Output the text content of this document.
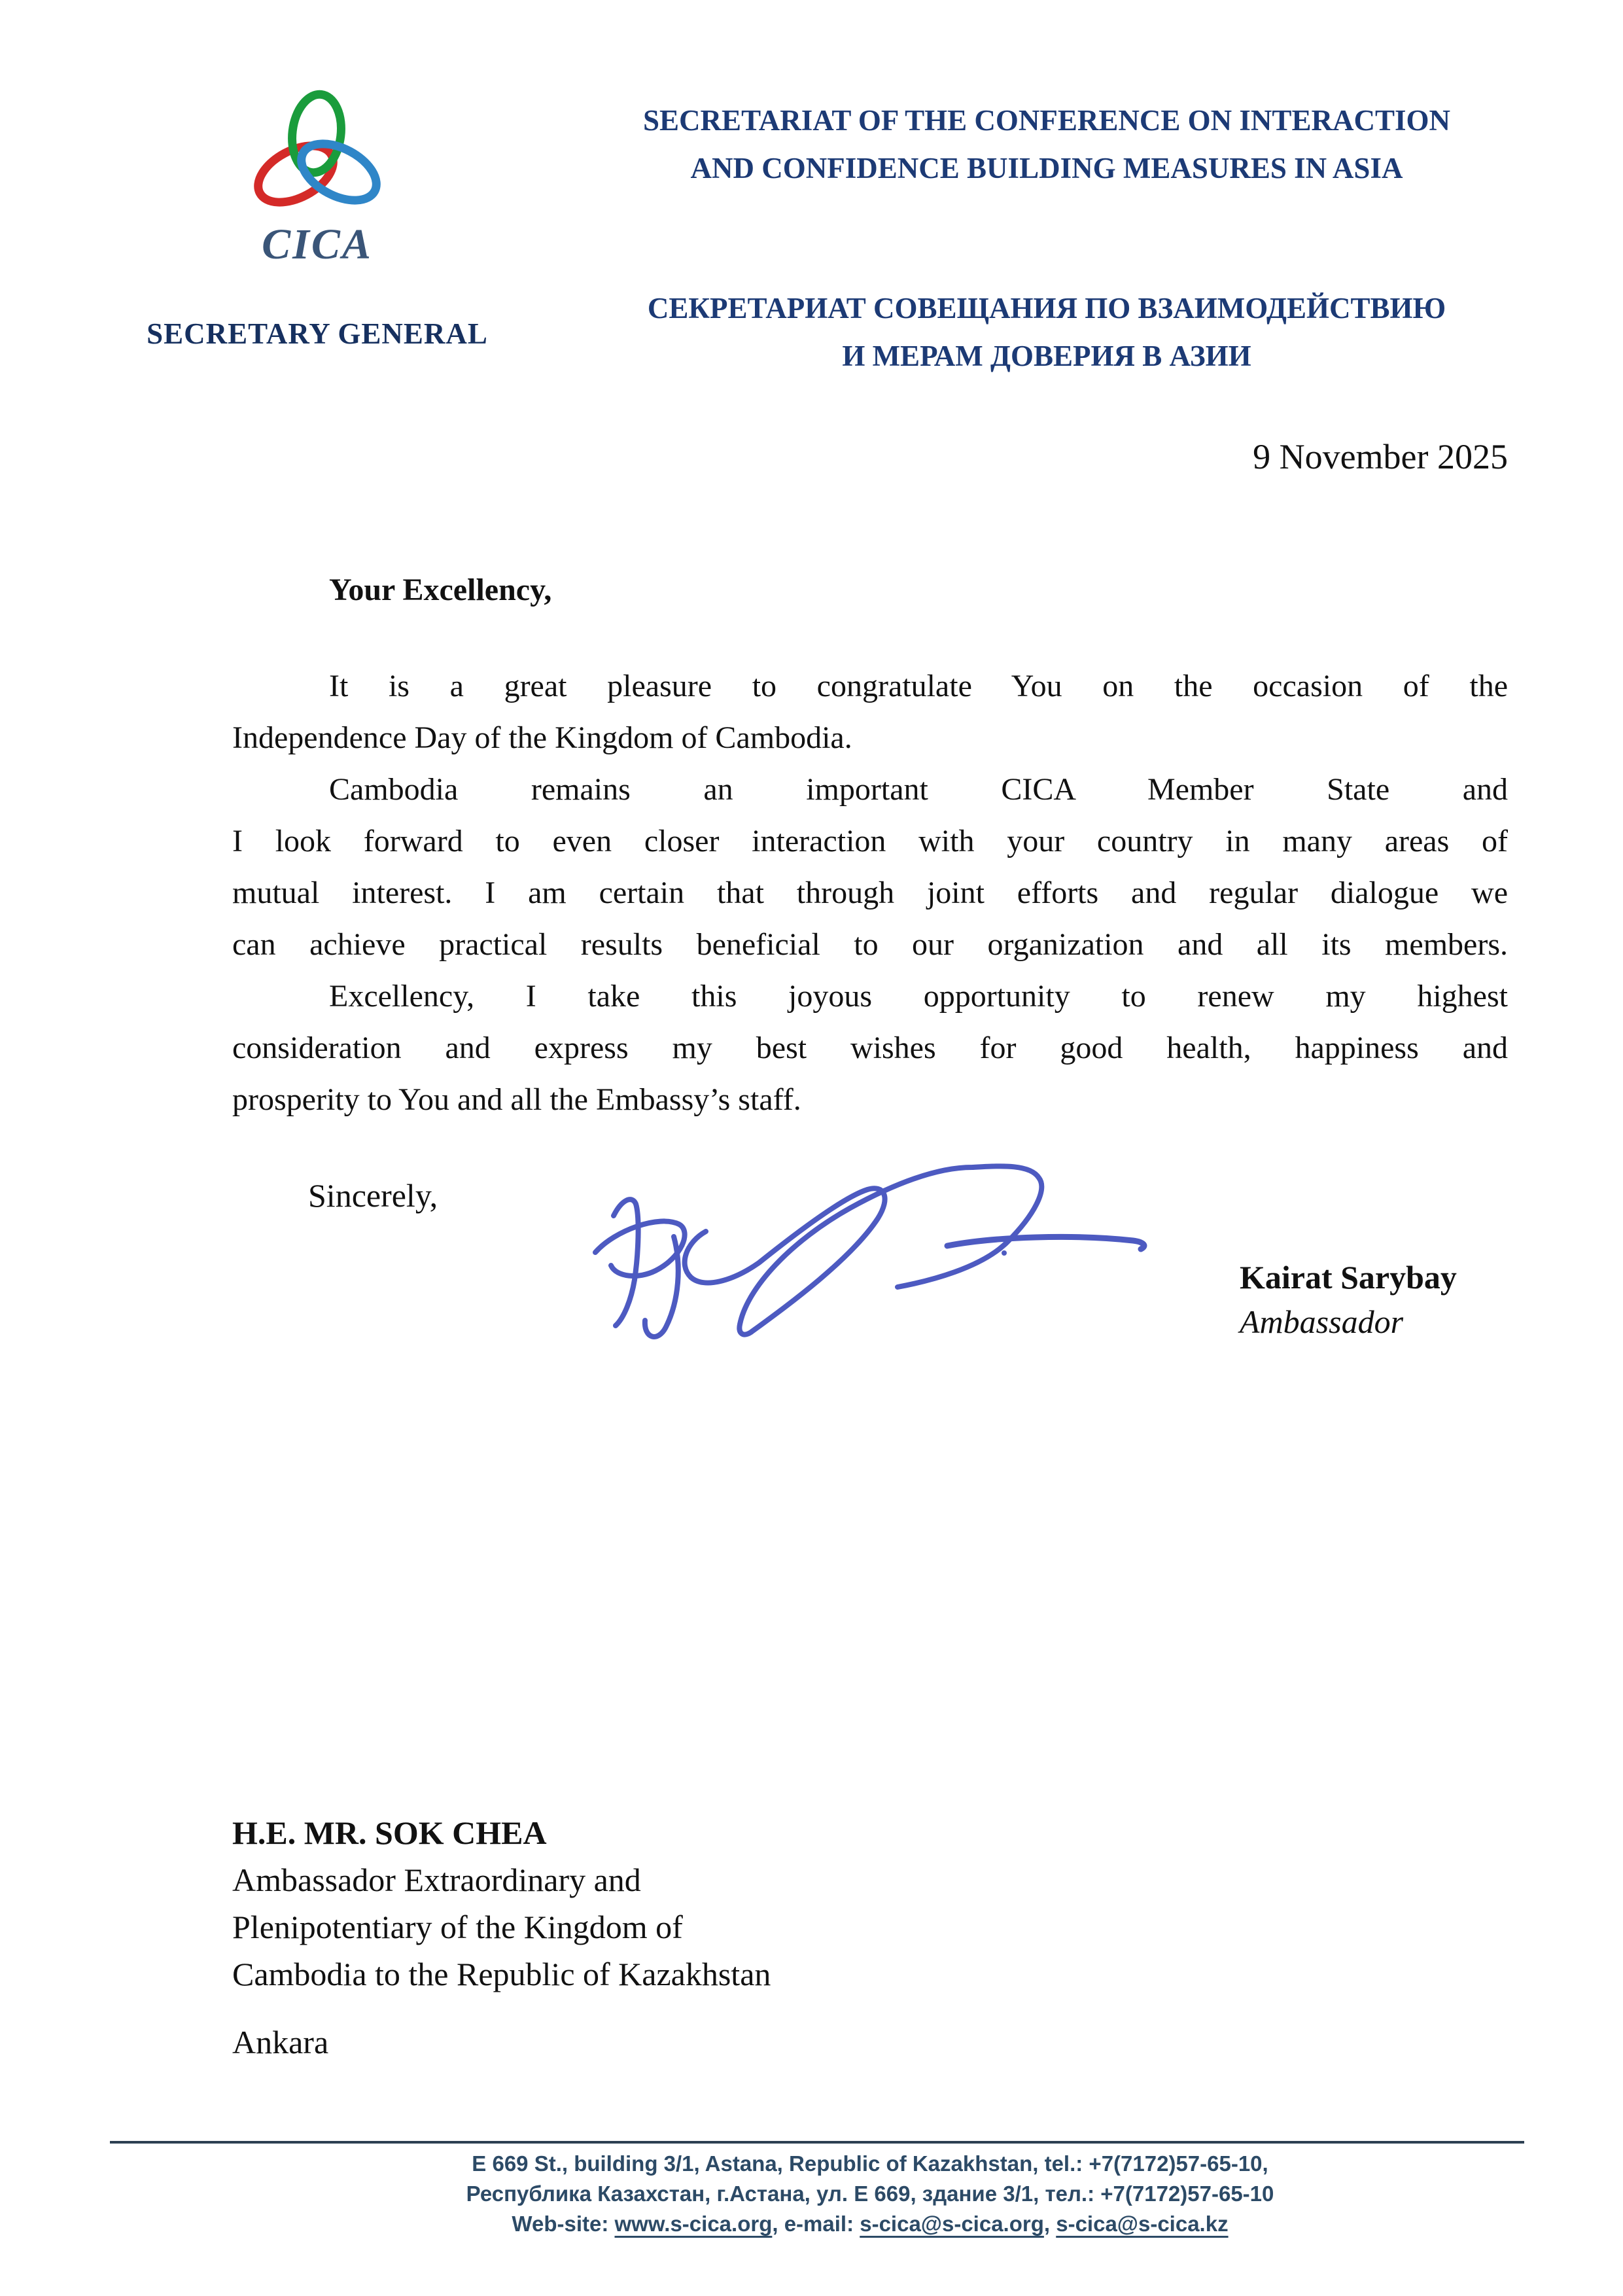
CICA
SECRETARY GENERAL
SECRETARIAT OF THE CONFERENCE ON INTERACTION
AND CONFIDENCE BUILDING MEASURES IN ASIA
СЕКРЕТАРИАТ СОВЕЩАНИЯ ПО ВЗАИМОДЕЙСТВИЮ
И МЕРАМ ДОВЕРИЯ В АЗИИ
9 November 2025
Your Excellency,
It is a great pleasure to congratulate You on the occasion of the
Independence Day of the Kingdom of Cambodia.
Cambodia remains an important CICA Member State and
I look forward to even closer interaction with your country in many areas of
mutual interest. I am certain that through joint efforts and regular dialogue we
can achieve practical results beneficial to our organization and all its members.
Excellency, I take this joyous opportunity to renew my highest
consideration and express my best wishes for good health, happiness and
prosperity to You and all the Embassy’s staff.
Sincerely,
Kairat Sarybay
Ambassador
H.E. MR. SOK CHEA
Ambassador Extraordinary and
Plenipotentiary of the Kingdom of
Cambodia to the Republic of Kazakhstan
Ankara
E 669 St., building 3/1, Astana, Republic of Kazakhstan, tel.: +7(7172)57-65-10,
Республика Казахстан, г.Астана, ул. Е 669, здание 3/1, тел.: +7(7172)57-65-10
Web-site: www.s-cica.org, e-mail: s-cica@s-cica.org, s-cica@s-cica.kz
